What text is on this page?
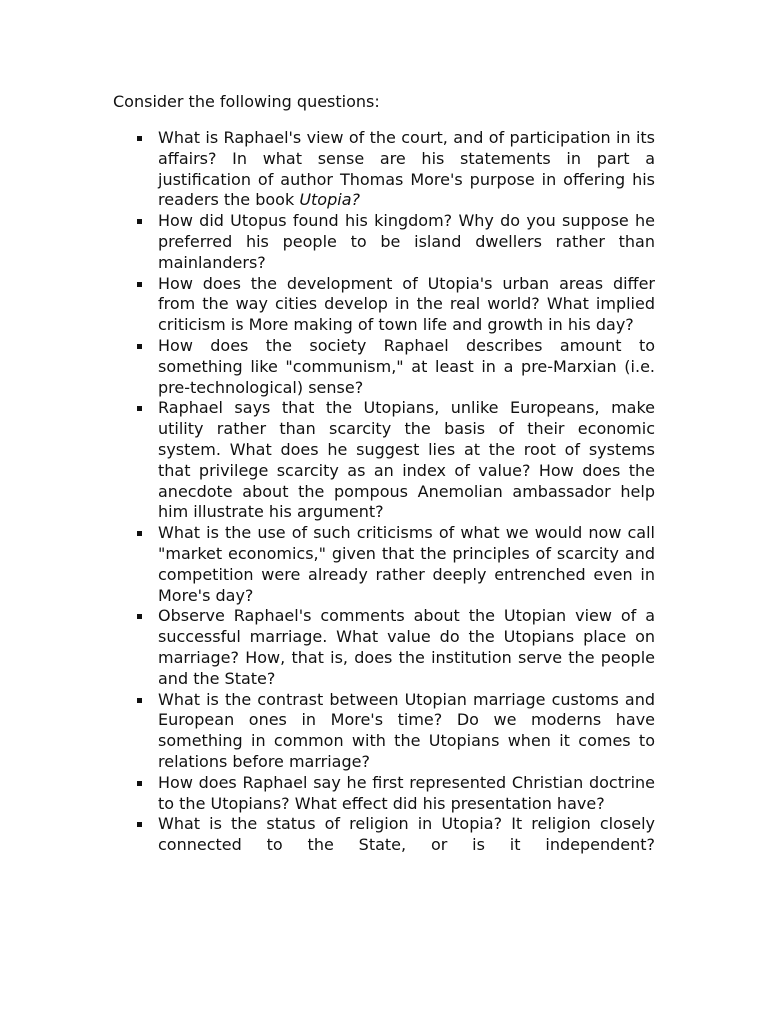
Consider the following questions:
What is Raphael's view of the court, and of participation in its affairs? In what sense are his statements in part a justification of author Thomas More's purpose in offering his readers the book Utopia?
How did Utopus found his kingdom? Why do you suppose he preferred his people to be island dwellers rather than mainlanders?
How does the development of Utopia's urban areas differ from the way cities develop in the real world? What implied criticism is More making of town life and growth in his day?
How does the society Raphael describes amount to something like "communism," at least in a pre-Marxian (i.e. pre-technological) sense?
Raphael says that the Utopians, unlike Europeans, make utility rather than scarcity the basis of their economic system. What does he suggest lies at the root of systems that privilege scarcity as an index of value? How does the anecdote about the pompous Anemolian ambassador help him illustrate his argument?
What is the use of such criticisms of what we would now call "market economics," given that the principles of scarcity and competition were already rather deeply entrenched even in More's day?
Observe Raphael's comments about the Utopian view of a successful marriage. What value do the Utopians place on marriage? How, that is, does the institution serve the people and the State?
What is the contrast between Utopian marriage customs and European ones in More's time? Do we moderns have something in common with the Utopians when it comes to relations before marriage?
How does Raphael say he first represented Christian doctrine to the Utopians? What effect did his presentation have?
What is the status of religion in Utopia? It religion closely connected to the State, or is it independent?
